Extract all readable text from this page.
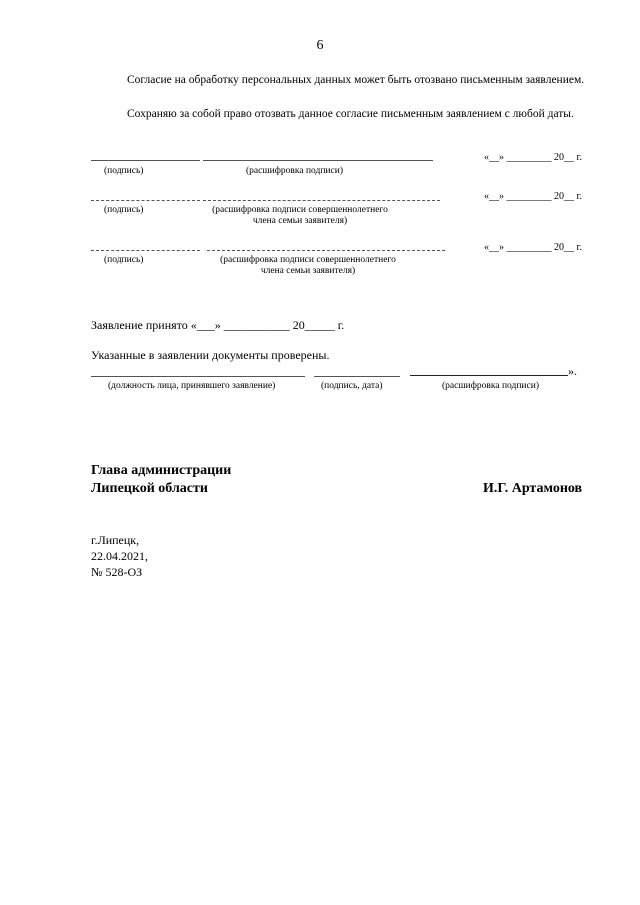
6
Согласие на обработку персональных данных может быть отозвано письменным заявлением.
Сохраняю за собой право отозвать данное согласие письменным заявлением с любой даты.
(подпись)	(расшифровка подписи)
«__» _________ 20__ г.
(подпись)	(расшифровка подписи совершеннолетнего
члена семьи заявителя)
«__» _________ 20__ г.
(подпись)	(расшифровка подписи совершеннолетнего
члена семьи заявителя)
«__» _________ 20__ г.
Заявление принято «___» ___________ 20_____ г.
Указанные в заявлении документы проверены.
».
(должность лица, принявшего заявление)	(подпись, дата)	(расшифровка подписи)
Глава администрации
Липецкой области	И.Г. Артамонов
г.Липецк,
22.04.2021,
№ 528-ОЗ
